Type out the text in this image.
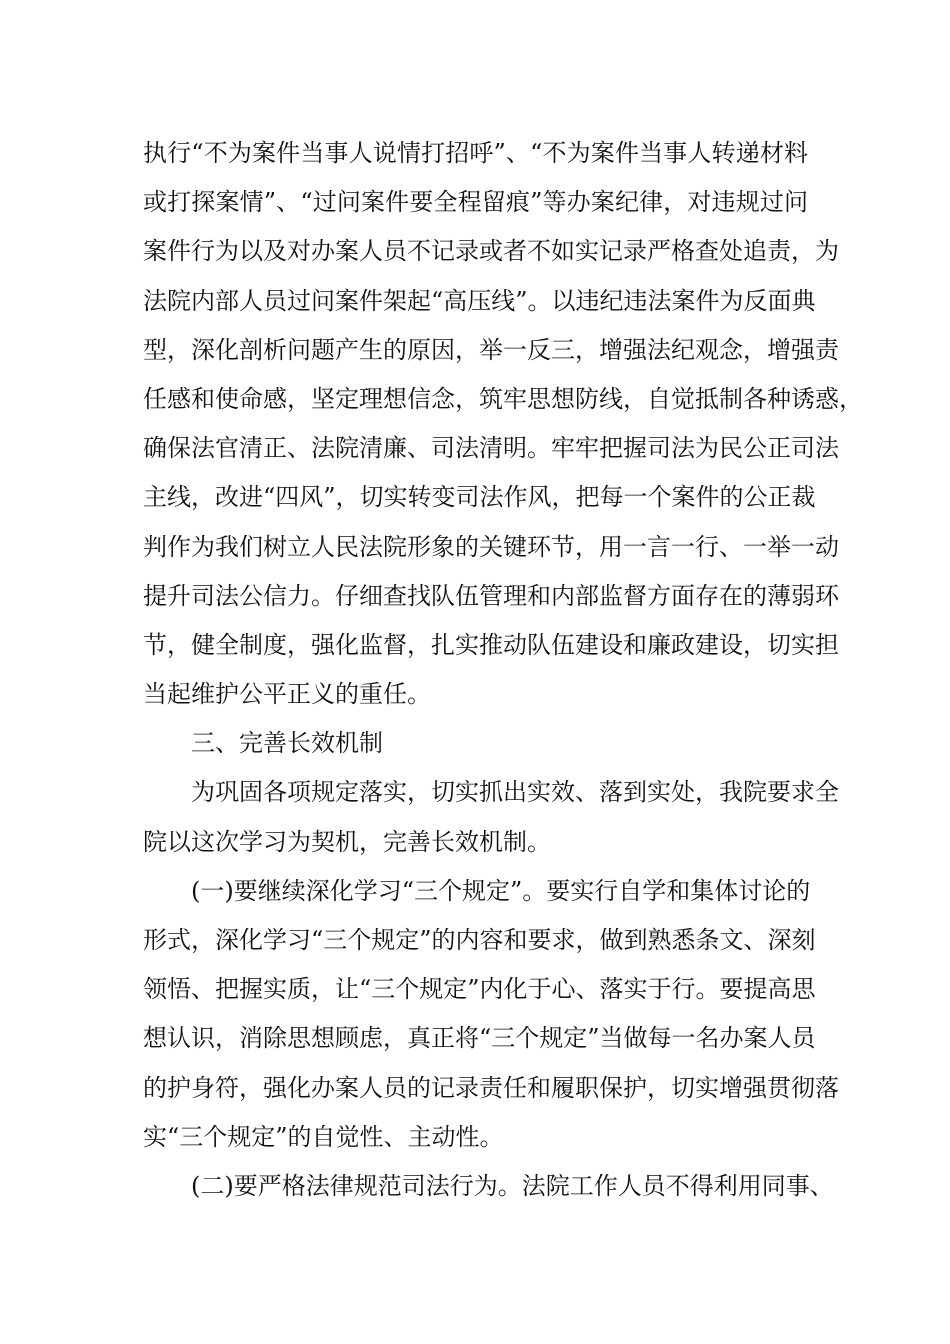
执行“不为案件当事人说情打招呼”、“不为案件当事人转递材料
或打探案情”、“过问案件要全程留痕”等办案纪律，对违规过问
案件行为以及对办案人员不记录或者不如实记录严格查处追责，为
法院内部人员过问案件架起“高压线”。以违纪违法案件为反面典
型，深化剖析问题产生的原因，举一反三，增强法纪观念，增强责
任感和使命感，坚定理想信念，筑牢思想防线，自觉抵制各种诱惑，
确保法官清正、法院清廉、司法清明。牢牢把握司法为民公正司法
主线，改进“四风”，切实转变司法作风，把每一个案件的公正裁
判作为我们树立人民法院形象的关键环节，用一言一行、一举一动
提升司法公信力。仔细查找队伍管理和内部监督方面存在的薄弱环
节，健全制度，强化监督，扎实推动队伍建设和廉政建设，切实担
当起维护公平正义的重任。
三、完善长效机制
为巩固各项规定落实，切实抓出实效、落到实处，我院要求全
院以这次学习为契机，完善长效机制。
(一)要继续深化学习“三个规定”。要实行自学和集体讨论的
形式，深化学习“三个规定”的内容和要求，做到熟悉条文、深刻
领悟、把握实质，让“三个规定”内化于心、落实于行。要提高思
想认识，消除思想顾虑，真正将“三个规定”当做每一名办案人员
的护身符，强化办案人员的记录责任和履职保护，切实增强贯彻落
实“三个规定”的自觉性、主动性。
(二)要严格法律规范司法行为。法院工作人员不得利用同事、
